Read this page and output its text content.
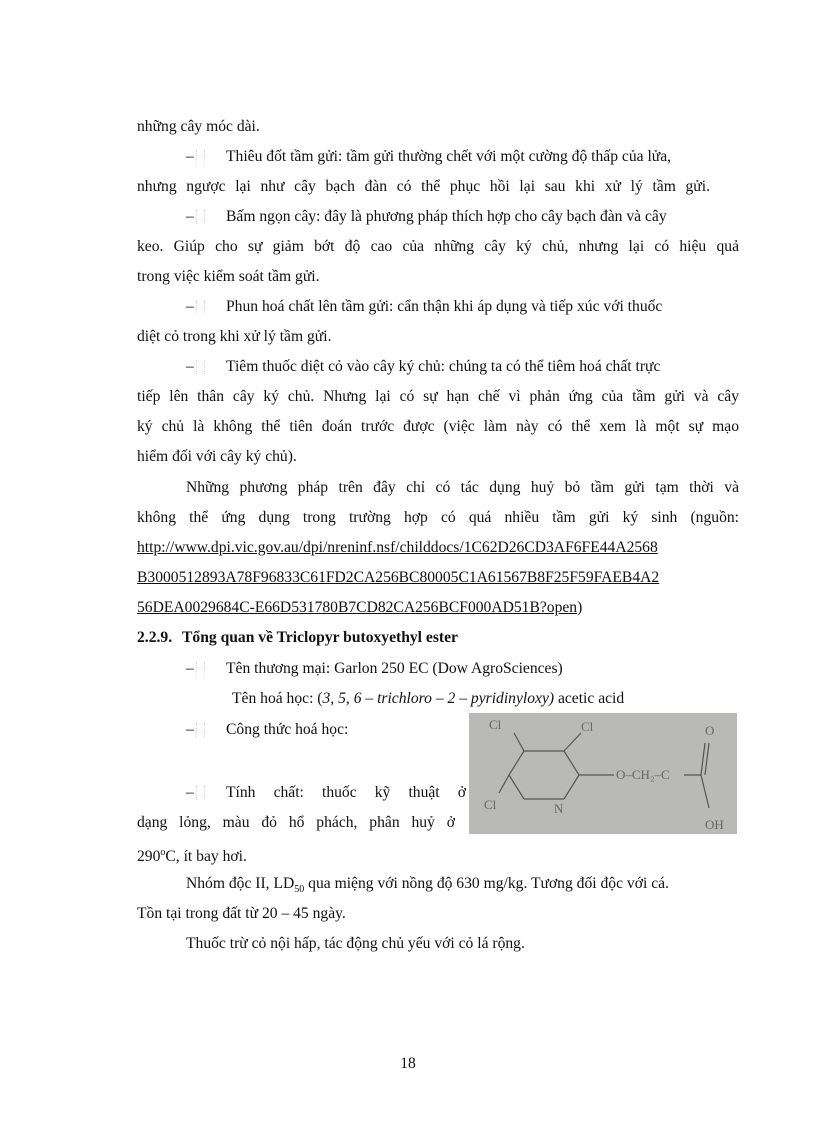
những cây móc dài.
– Thiêu đốt tầm gửi: tầm gửi thường chết với một cường độ thấp của lửa,
nhưng ngược lại như cây bạch đàn có thể phục hồi lại sau khi xử lý tầm gửi.
– Bấm ngọn cây: đây là phương pháp thích hợp cho cây bạch đàn và cây
keo. Giúp cho sự giảm bớt độ cao của những cây ký chủ, nhưng lại có hiệu quả
trong việc kiểm soát tầm gửi.
– Phun hoá chất lên tầm gửi: cẩn thận khi áp dụng và tiếp xúc với thuốc
diệt cỏ trong khi xử lý tầm gửi.
– Tiêm thuốc diệt cỏ vào cây ký chủ: chúng ta có thể tiêm hoá chất trực
tiếp lên thân cây ký chủ. Nhưng lại có sự hạn chế vì phản ứng của tầm gửi và cây
ký chủ là không thể tiên đoán trước được (việc làm này có thể xem là một sự mạo
hiểm đối với cây ký chủ).
Những phương pháp trên đây chỉ có tác dụng huỷ bỏ tầm gửi tạm thời và
không thể ứng dụng trong trường hợp có quá nhiều tầm gửi ký sinh (nguồn:
http://www.dpi.vic.gov.au/dpi/nreninf.nsf/childdocs/1C62D26CD3AF6FE44A2568
B3000512893A78F96833C61FD2CA256BC80005C1A61567B8F25F59FAEB4A2
56DEA0029684C-E66D531780B7CD82CA256BCF000AD51B?open)
2.2.9. Tổng quan về Triclopyr butoxyethyl ester
– Tên thương mại: Garlon 250 EC (Dow AgroSciences)
Tên hoá học: (3, 5, 6 – trichloro – 2 – pyridinyloxy) acetic acid
– Công thức hoá học:
– Tính chất: thuốc kỹ thuật ở
dạng lỏng, màu đỏ hổ phách, phân huỷ ở
290$^o$C, ít bay hơi.
Cl	Cl
Cl	N
O–CH₂–C
O
OH
Nhóm độc II, $LD_{50}$ qua miệng với nồng độ 630 mg/kg. Tương đối độc với cá.
Tồn tại trong đất từ 20 – 45 ngày.
Thuốc trừ cỏ nội hấp, tác động chủ yếu với cỏ lá rộng.
18
